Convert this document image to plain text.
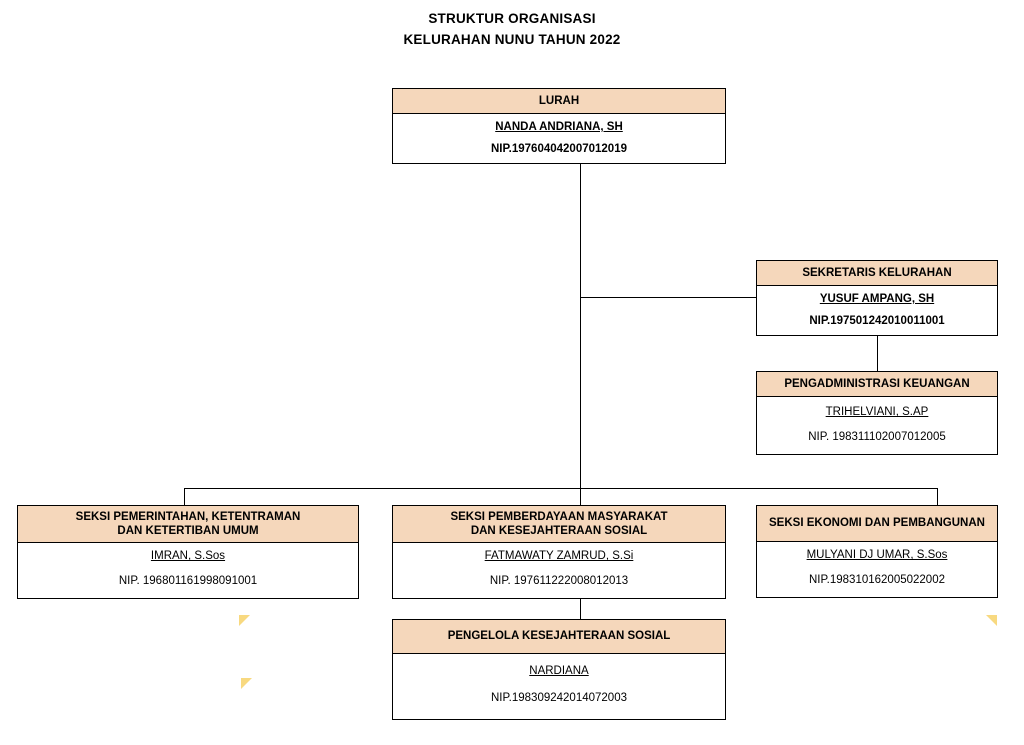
STRUKTUR ORGANISASI
KELURAHAN NUNU TAHUN 2022
LURAH
NANDA ANDRIANA, SH
NIP.197604042007012019
SEKRETARIS KELURAHAN
YUSUF AMPANG, SH
NIP.197501242010011001
PENGADMINISTRASI KEUANGAN
TRIHELVIANI, S.AP
NIP. 198311102007012005
SEKSI PEMERINTAHAN, KETENTRAMAN
DAN KETERTIBAN UMUM
IMRAN, S.Sos
NIP. 196801161998091001
SEKSI PEMBERDAYAAN MASYARAKAT
DAN KESEJAHTERAAN SOSIAL
FATMAWATY ZAMRUD, S.Si
NIP. 197611222008012013
SEKSI EKONOMI DAN PEMBANGUNAN
MULYANI DJ UMAR, S.Sos
NIP.198310162005022002
PENGELOLA KESEJAHTERAAN SOSIAL
NARDIANA
NIP.198309242014072003
